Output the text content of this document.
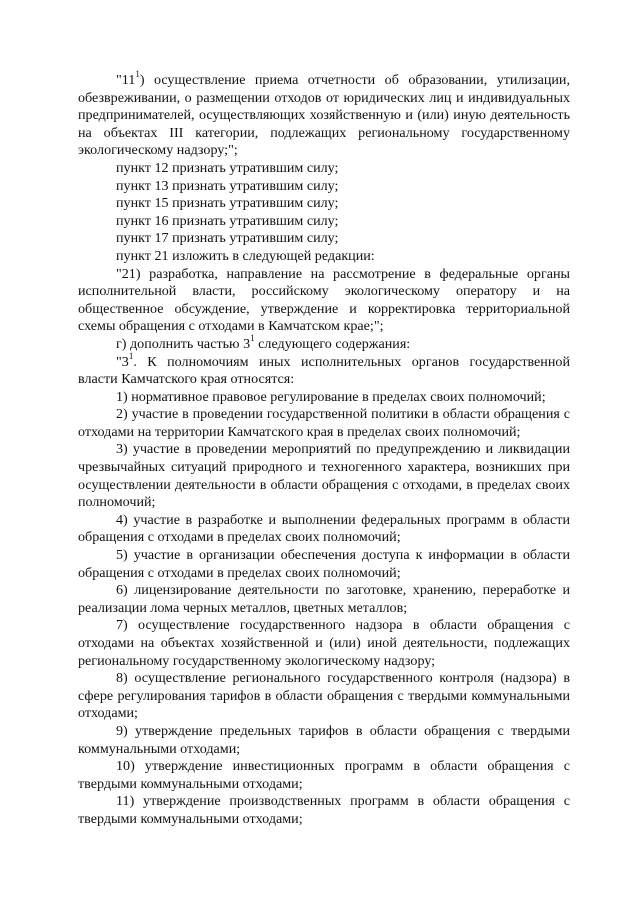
"$11^1$) осуществление приема отчетности об образовании, утилизации, обезвреживании, о размещении отходов от юридических лиц и индивидуальных предпринимателей, осуществляющих хозяйственную и (или) иную деятельность на объектах III категории, подлежащих региональному государственному экологическому надзору;";

пункт 12 признать утратившим силу;

пункт 13 признать утратившим силу;

пункт 15 признать утратившим силу;

пункт 16 признать утратившим силу;

пункт 17 признать утратившим силу;

пункт 21 изложить в следующей редакции:

"21) разработка, направление на рассмотрение в федеральные органы исполнительной власти, российскому экологическому оператору и на общественное обсуждение, утверждение и корректировка территориальной схемы обращения с отходами в Камчатском крае;";

г) дополнить частью $3^1$ следующего содержания:

"$3^1$. К полномочиям иных исполнительных органов государственной власти Камчатского края относятся:

1) нормативное правовое регулирование в пределах своих полномочий;

2) участие в проведении государственной политики в области обращения с отходами на территории Камчатского края в пределах своих полномочий;

3) участие в проведении мероприятий по предупреждению и ликвидации чрезвычайных ситуаций природного и техногенного характера, возникших при осуществлении деятельности в области обращения с отходами, в пределах своих полномочий;

4) участие в разработке и выполнении федеральных программ в области обращения с отходами в пределах своих полномочий;

5) участие в организации обеспечения доступа к информации в области обращения с отходами в пределах своих полномочий;

6) лицензирование деятельности по заготовке, хранению, переработке и реализации лома черных металлов, цветных металлов;

7) осуществление государственного надзора в области обращения с отходами на объектах хозяйственной и (или) иной деятельности, подлежащих региональному государственному экологическому надзору;

8) осуществление регионального государственного контроля (надзора) в сфере регулирования тарифов в области обращения с твердыми коммунальными отходами;

9) утверждение предельных тарифов в области обращения с твердыми коммунальными отходами;

10) утверждение инвестиционных программ в области обращения с твердыми коммунальными отходами;

11) утверждение производственных программ в области обращения с твердыми коммунальными отходами;
